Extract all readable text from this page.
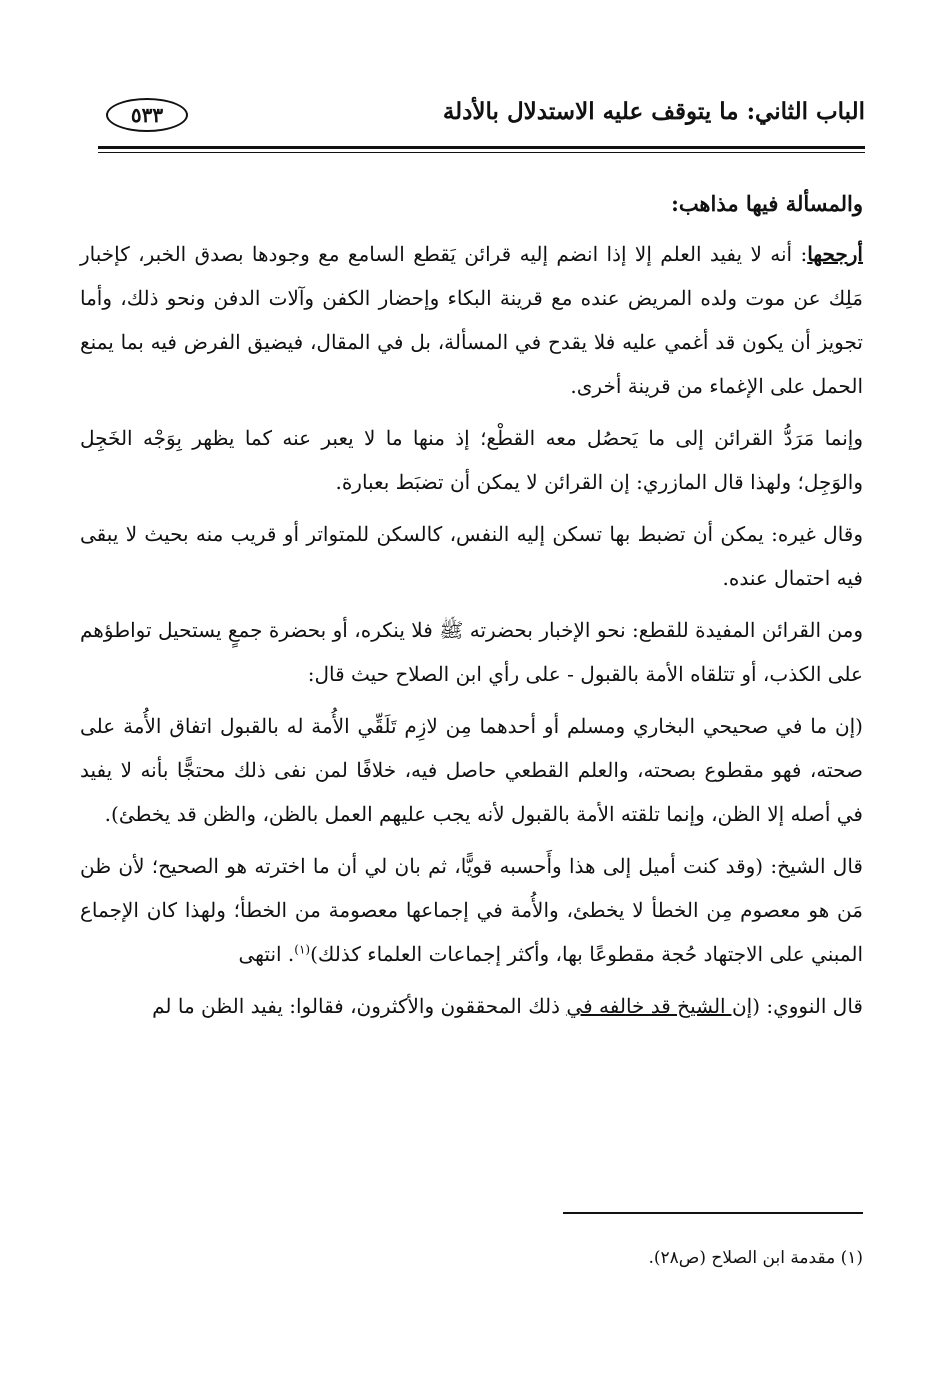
الباب الثاني: ما يتوقف عليه الاستدلال بالأدلة
٥٣٣

والمسألة فيها مذاهب:

أرجحها: أنه لا يفيد العلم إلا إذا انضم إليه قرائن يَقطع السامع مع وجودها بصدق الخبر، كإخبار مَلِك عن موت ولده المريض عنده مع قرينة البكاء وإحضار الكفن وآلات الدفن ونحو ذلك، وأما تجويز أن يكون قد أغمي عليه فلا يقدح في المسألة، بل في المقال، فيضيق الفرض فيه بما يمنع الحمل على الإغماء من قرينة أخرى.

وإنما مَرَدُّ القرائن إلى ما يَحصُل معه القطْع؛ إذ منها ما لا يعبر عنه كما يظهر بِوَجْه الخَجِل والوَجِل؛ ولهذا قال المازري: إن القرائن لا يمكن أن تضبَط بعبارة.

وقال غيره: يمكن أن تضبط بها تسكن إليه النفس، كالسكن للمتواتر أو قريب منه بحيث لا يبقى فيه احتمال عنده.

ومن القرائن المفيدة للقطع: نحو الإخبار بحضرته ﷺ فلا ينكره، أو بحضرة جمعٍ يستحيل تواطؤهم على الكذب، أو تتلقاه الأمة بالقبول - على رأي ابن الصلاح حيث قال:

(إن ما في صحيحي البخاري ومسلم أو أحدهما مِن لازِم تَلَقِّي الأُمة له بالقبول اتفاق الأُمة على صحته، فهو مقطوع بصحته، والعلم القطعي حاصل فيه، خلافًا لمن نفى ذلك محتجًّا بأنه لا يفيد في أصله إلا الظن، وإنما تلقته الأمة بالقبول لأنه يجب عليهم العمل بالظن، والظن قد يخطئ).

قال الشيخ: (وقد كنت أميل إلى هذا وأَحسبه قويًّا، ثم بان لي أن ما اخترته هو الصحيح؛ لأن ظن مَن هو معصوم مِن الخطأ لا يخطئ، والأُمة في إجماعها معصومة من الخطأ؛ ولهذا كان الإجماع المبني على الاجتهاد حُجة مقطوعًا بها، وأكثر إجماعات العلماء كذلك)$^{(١)}$. انتهى

قال النووي: (إن الشيخ قد خالفه في ذلك المحققون والأكثرون، فقالوا: يفيد الظن ما لم

(١) مقدمة ابن الصلاح (ص٢٨).
